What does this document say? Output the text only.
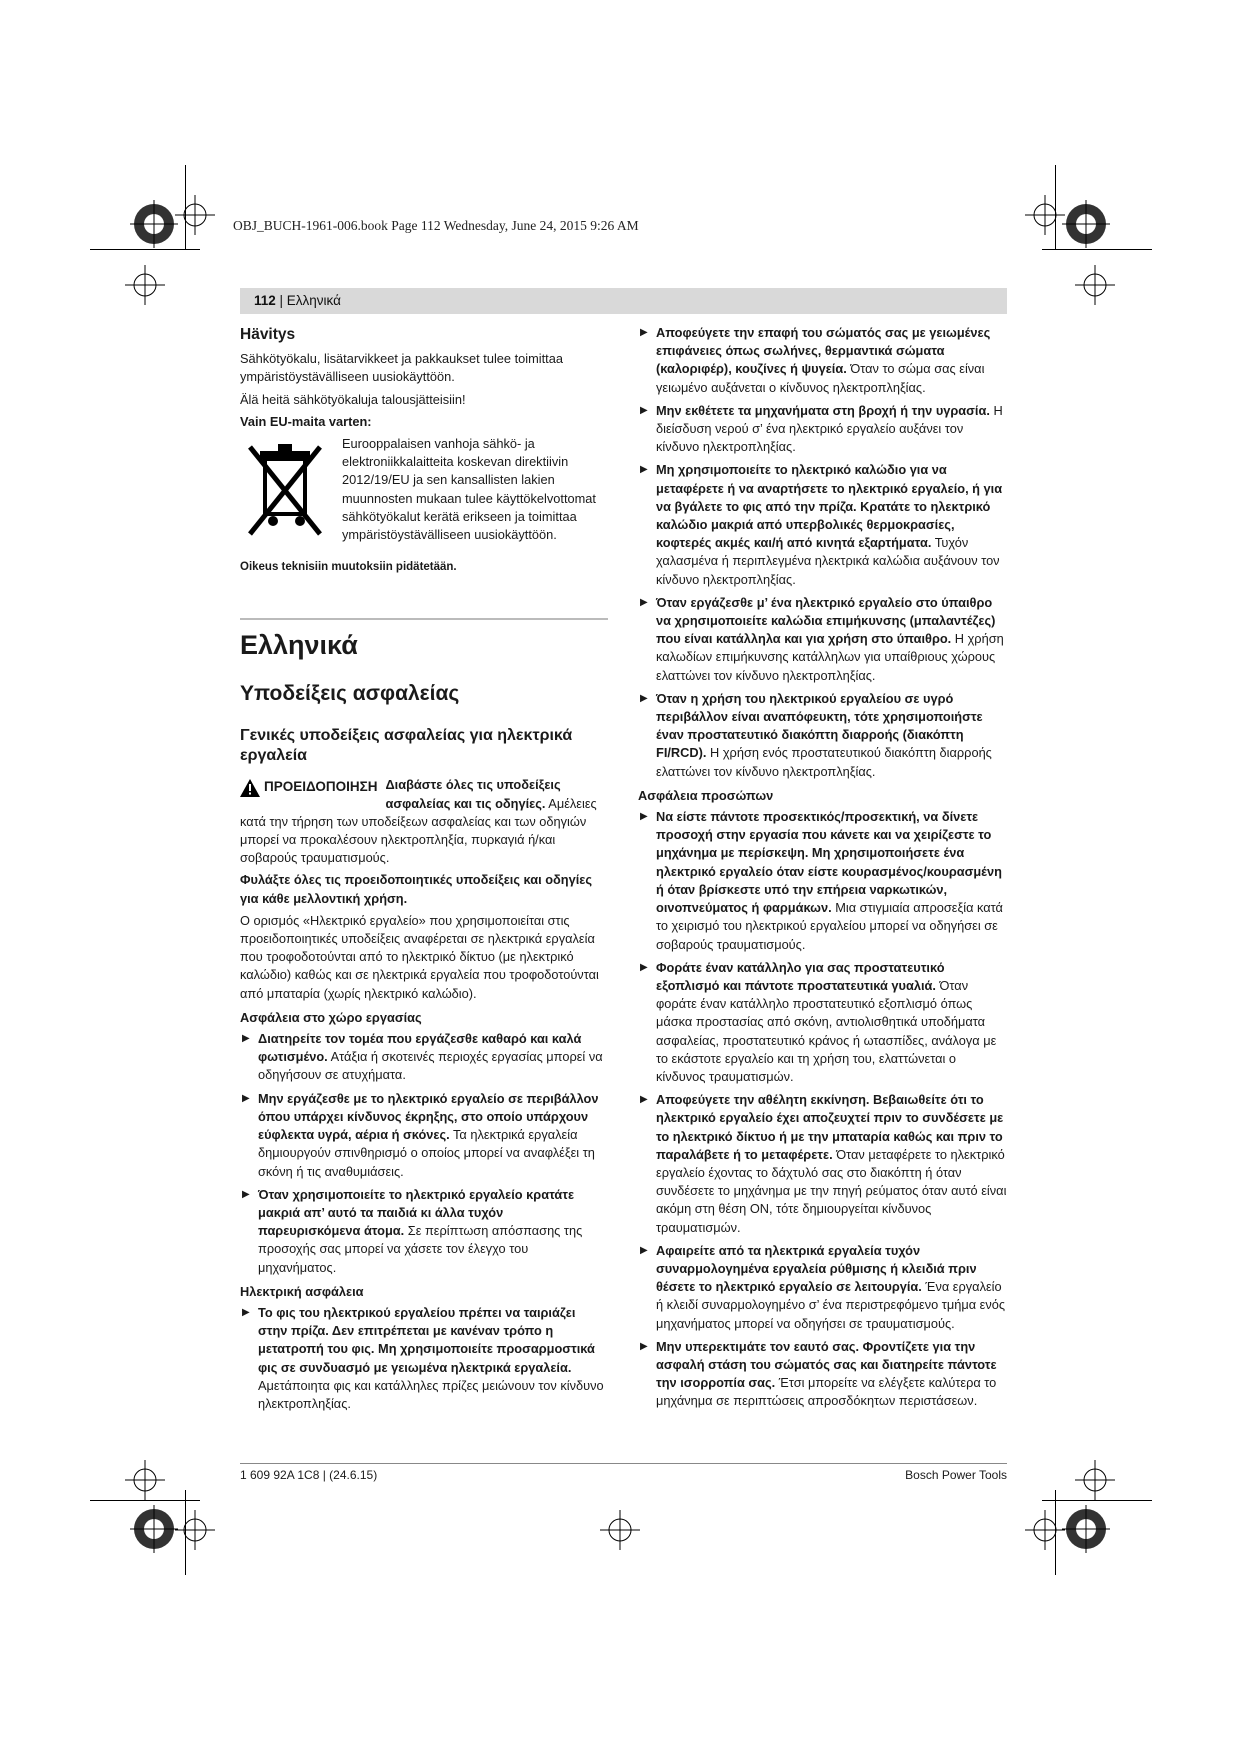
OBJ_BUCH-1961-006.book Page 112 Wednesday, June 24, 2015 9:26 AM
112 | Ελληνικά
Hävitys

Sähkötyökalu, lisätarvikkeet ja pakkaukset tulee toimittaa ympäristöystävälliseen uusiokäyttöön.

Älä heitä sähkötyökaluja talousjätteisiin!

Vain EU-maita varten:

Eurooppalaisen vanhoja sähkö- ja elektroniikkalaitteita koskevan direktiivin 2012/19/EU ja sen kansallisten lakien muunnosten mukaan tulee käyttökelvottomat sähkötyökalut kerätä erikseen ja toimittaa ympäristöystävälliseen uusiokäyttöön.

Oikeus teknisiin muutoksiin pidätetään.

Ελληνικά
Υποδείξεις ασφαλείας
Γενικές υποδείξεις ασφαλείας για ηλεκτρικά εργαλεία
ΠΡΟΕΙΔΟΠΟΙΗΣΗ Διαβάστε όλες τις υποδείξεις ασφαλείας και τις οδηγίες. Αμέλειες κατά την τήρηση των υποδείξεων ασφαλείας και των οδηγιών μπορεί να προκαλέσουν ηλεκτροπληξία, πυρκαγιά ή/και σοβαρούς τραυματισμούς.

Φυλάξτε όλες τις προειδοποιητικές υποδείξεις και οδηγίες για κάθε μελλοντική χρήση.

Ο ορισμός «Ηλεκτρικό εργαλείο» που χρησιμοποιείται στις προειδοποιητικές υποδείξεις αναφέρεται σε ηλεκτρικά εργαλεία που τροφοδοτούνται από το ηλεκτρικό δίκτυο (με ηλεκτρικό καλώδιο) καθώς και σε ηλεκτρικά εργαλεία που τροφοδοτούνται από μπαταρία (χωρίς ηλεκτρικό καλώδιο).

Ασφάλεια στο χώρο εργασίας
▶ Διατηρείτε τον τομέα που εργάζεσθε καθαρό και καλά φωτισμένο. Ατάξια ή σκοτεινές περιοχές εργασίας μπορεί να οδηγήσουν σε ατυχήματα.
▶ Μην εργάζεσθε με το ηλεκτρικό εργαλείο σε περιβάλλον όπου υπάρχει κίνδυνος έκρηξης, στο οποίο υπάρχουν εύφλεκτα υγρά, αέρια ή σκόνες. Τα ηλεκτρικά εργαλεία δημιουργούν σπινθηρισμό ο οποίος μπορεί να αναφλέξει τη σκόνη ή τις αναθυμιάσεις.
▶ Όταν χρησιμοποιείτε το ηλεκτρικό εργαλείο κρατάτε μακριά απ’ αυτό τα παιδιά κι άλλα τυχόν παρευρισκόμενα άτομα. Σε περίπτωση απόσπασης της προσοχής σας μπορεί να χάσετε τον έλεγχο του μηχανήματος.
Ηλεκτρική ασφάλεια
▶ Το φις του ηλεκτρικού εργαλείου πρέπει να ταιριάζει στην πρίζα. Δεν επιτρέπεται με κανέναν τρόπο η μετατροπή του φις. Μη χρησιμοποιείτε προσαρμοστικά φις σε συνδυασμό με γειωμένα ηλεκτρικά εργαλεία. Αμετάποιητα φις και κατάλληλες πρίζες μειώνουν τον κίνδυνο ηλεκτροπληξίας.
▶ Αποφεύγετε την επαφή του σώματός σας με γειωμένες επιφάνειες όπως σωλήνες, θερμαντικά σώματα (καλοριφέρ), κουζίνες ή ψυγεία. Όταν το σώμα σας είναι γειωμένο αυξάνεται ο κίνδυνος ηλεκτροπληξίας.
▶ Μην εκθέτετε τα μηχανήματα στη βροχή ή την υγρασία. Η διείσδυση νερού σ’ ένα ηλεκτρικό εργαλείο αυξάνει τον κίνδυνο ηλεκτροπληξίας.
▶ Μη χρησιμοποιείτε το ηλεκτρικό καλώδιο για να μεταφέρετε ή να αναρτήσετε το ηλεκτρικό εργαλείο, ή για να βγάλετε το φις από την πρίζα. Κρατάτε το ηλεκτρικό καλώδιο μακριά από υπερβολικές θερμοκρασίες, κοφτερές ακμές και/ή από κινητά εξαρτήματα. Τυχόν χαλασμένα ή περιπλεγμένα ηλεκτρικά καλώδια αυξάνουν τον κίνδυνο ηλεκτροπληξίας.
▶ Όταν εργάζεσθε μ’ ένα ηλεκτρικό εργαλείο στο ύπαιθρο να χρησιμοποιείτε καλώδια επιμήκυνσης (μπαλαντέζες) που είναι κατάλληλα και για χρήση στο ύπαιθρο. Η χρήση καλωδίων επιμήκυνσης κατάλληλων για υπαίθριους χώρους ελαττώνει τον κίνδυνο ηλεκτροπληξίας.
▶ Όταν η χρήση του ηλεκτρικού εργαλείου σε υγρό περιβάλλον είναι αναπόφευκτη, τότε χρησιμοποιήστε έναν προστατευτικό διακόπτη διαρροής (διακόπτη FI/RCD). Η χρήση ενός προστατευτικού διακόπτη διαρροής ελαττώνει τον κίνδυνο ηλεκτροπληξίας.
Ασφάλεια προσώπων
▶ Να είστε πάντοτε προσεκτικός/προσεκτική, να δίνετε προσοχή στην εργασία που κάνετε και να χειρίζεστε το μηχάνημα με περίσκεψη. Μη χρησιμοποιήσετε ένα ηλεκτρικό εργαλείο όταν είστε κουρασμένος/κουρασμένη ή όταν βρίσκεστε υπό την επήρεια ναρκωτικών, οινοπνεύματος ή φαρμάκων. Μια στιγμιαία απροσεξία κατά το χειρισμό του ηλεκτρικού εργαλείου μπορεί να οδηγήσει σε σοβαρούς τραυματισμούς.
▶ Φοράτε έναν κατάλληλο για σας προστατευτικό εξοπλισμό και πάντοτε προστατευτικά γυαλιά. Όταν φοράτε έναν κατάλληλο προστατευτικό εξοπλισμό όπως μάσκα προστασίας από σκόνη, αντιολισθητικά υποδήματα ασφαλείας, προστατευτικό κράνος ή ωτασπίδες, ανάλογα με το εκάστοτε εργαλείο και τη χρήση του, ελαττώνεται ο κίνδυνος τραυματισμών.
▶ Αποφεύγετε την αθέλητη εκκίνηση. Βεβαιωθείτε ότι το ηλεκτρικό εργαλείο έχει αποζευχτεί πριν το συνδέσετε με το ηλεκτρικό δίκτυο ή με την μπαταρία καθώς και πριν το παραλάβετε ή το μεταφέρετε. Όταν μεταφέρετε το ηλεκτρικό εργαλείο έχοντας το δάχτυλό σας στο διακόπτη ή όταν συνδέσετε το μηχάνημα με την πηγή ρεύματος όταν αυτό είναι ακόμη στη θέση ON, τότε δημιουργείται κίνδυνος τραυματισμών.
▶ Αφαιρείτε από τα ηλεκτρικά εργαλεία τυχόν συναρμολογημένα εργαλεία ρύθμισης ή κλειδιά πριν θέσετε το ηλεκτρικό εργαλείο σε λειτουργία. Ένα εργαλείο ή κλειδί συναρμολογημένο σ’ ένα περιστρεφόμενο τμήμα ενός μηχανήματος μπορεί να οδηγήσει σε τραυματισμούς.
▶ Μην υπερεκτιμάτε τον εαυτό σας. Φροντίζετε για την ασφαλή στάση του σώματός σας και διατηρείτε πάντοτε την ισορροπία σας. Έτσι μπορείτε να ελέγξετε καλύτερα το μηχάνημα σε περιπτώσεις απροσδόκητων περιστάσεων.
1 609 92A 1C8 | (24.6.15)	Bosch Power Tools
